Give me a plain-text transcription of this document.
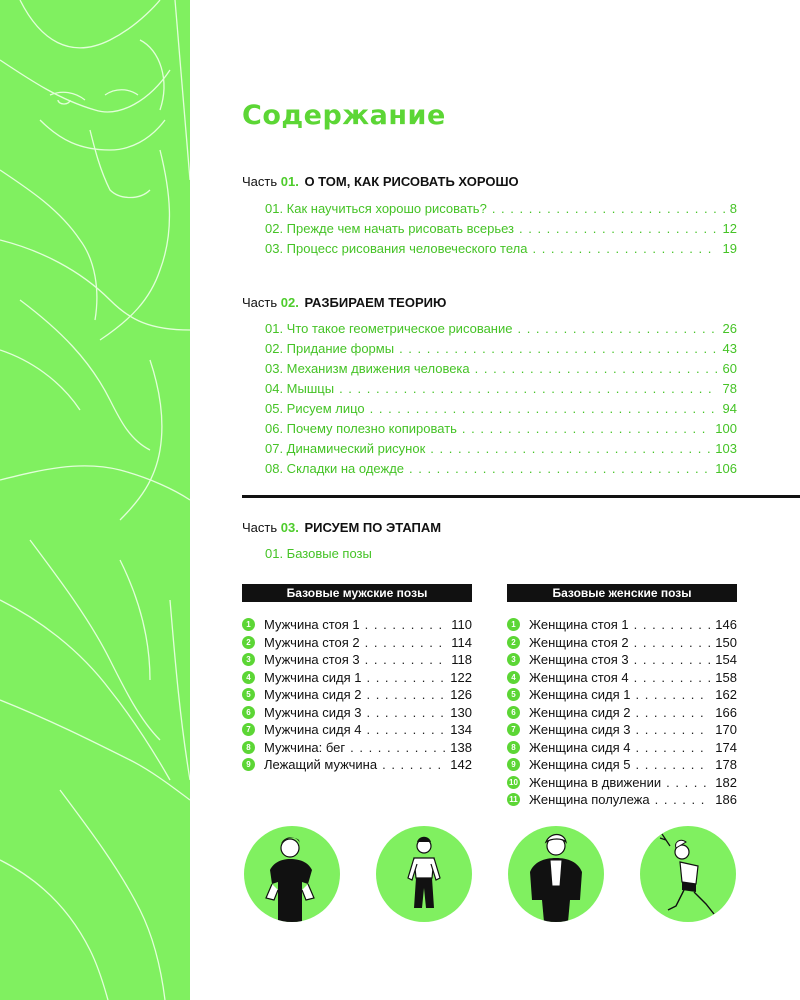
Содержание
Часть 01. О ТОМ, КАК РИСОВАТЬ ХОРОШО
01. Как научиться хорошо рисовать? . . .	8
02. Прежде чем начать рисовать всерьез . . .	12
03. Процесс рисования человеческого тела . . .	19
Часть 02. РАЗБИРАЕМ ТЕОРИЮ
01. Что такое геометрическое рисование . . .	26
02. Придание формы . . .	43
03. Механизм движения человека . . .	60
04. Мышцы . . .	78
05. Рисуем лицо . . .	94
06. Почему полезно копировать . . .	100
07. Динамический рисунок . . .	103
08. Складки на одежде . . .	106
Часть 03. РИСУЕМ ПО ЭТАПАМ
01. Базовые позы
Базовые мужские позы
1	Мужчина стоя 1 . . .	110
2	Мужчина стоя 2 . . .	114
3	Мужчина стоя 3 . . .	118
4	Мужчина сидя 1 . . .	122
5	Мужчина сидя 2 . . .	126
6	Мужчина сидя 3 . . .	130
7	Мужчина сидя 4 . . .	134
8	Мужчина: бег . . .	138
9	Лежащий мужчина . . .	142
Базовые женские позы
1	Женщина стоя 1 . . .	146
2	Женщина стоя 2 . . .	150
3	Женщина стоя 3 . . .	154
4	Женщина стоя 4 . . .	158
5	Женщина сидя 1 . . .	162
6	Женщина сидя 2 . . .	166
7	Женщина сидя 3 . . .	170
8	Женщина сидя 4 . . .	174
9	Женщина сидя 5 . . .	178
10 Женщина в движении . . .	182
11 Женщина полулежа . . .	186
